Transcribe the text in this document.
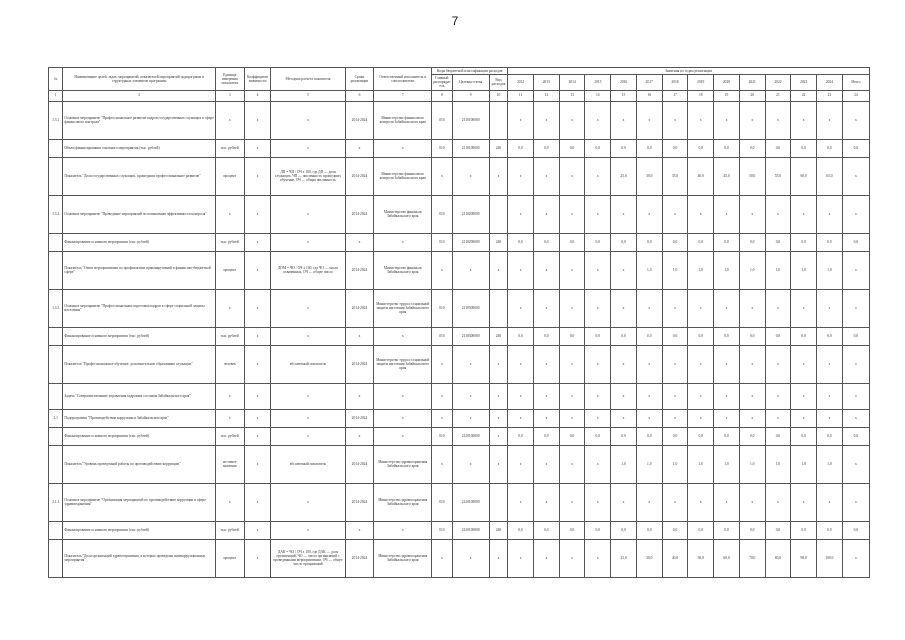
7
№	Наименование целей, задач, мероприятий, показателей мероприятий подпрограмм и структурных элементов программы	Единица измерения показателя	Коэффициент значимости	Методика расчета показателя	Сроки реализации	Ответственный исполнитель и соисполнители	Коды бюджетной классификации расходов			Значения по годам реализации													
							Главный распорядитель	Целевая статья	Вид расходов	2012	2013	2014	2015	2016	2017	2018	2019	2020	2021	2022	2023	2024	Итого
1	2	3	4	5	6	7	8	9	10	11	12	13	14	15	16	17	18	19	20	21	22	23	24
1.3.1	Основное мероприятие "Профессиональное развитие кадров государственных служащих в сфере финансового контроля"	x	x	x	2014-2024	Министерство финансового контроля Забайкальского края	010	2110100000		x	x	x	x	x	x	x	x	x	x	x	x	x	x
	Объем финансирования основного мероприятия (тыс. рублей)	тыс. рублей	x	x	x	x	010	2110100000	240	0,0	0,0	0,0	0,0	0,0	0,0	0,0	0,0	0,0	0,0	0,0	0,0	0,0	0,0
	Показатель "Доля государственных служащих, прошедших профессиональное развитие"	процент	x	ДП = ЧП / ОЧ x 100, где ДП — доля служащих, ЧП — численность прошедших обучение, ОЧ — общая численность	2014-2024	Министерство финансового контроля Забайкальского края	x	x	x	x	x	x	x	25,0	30,0	35,0	40,0	45,0	50,0	55,0	60,0	65,0	x
1.3.2	Основное мероприятие "Проведение мероприятий по повышению эффективности контроля"	x	x	x	2014-2024	Министерство финансов Забайкальского края	010	2110200000		x	x	x	x	x	x	x	x	x	x	x	x	x	x
	Финансирование основного мероприятия (тыс. рублей)	тыс. рублей	x	x	x	x	010	2110200000	240	0,0	0,0	0,0	0,0	0,0	0,0	0,0	0,0	0,0	0,0	0,0	0,0	0,0	0,0
	Показатель "Охват мероприятиями по профилактике правонарушений в финансово-бюджетной сфере"	процент	x	ДОМ = ЧО / ОЧ x 100, где ЧО — число охваченных, ОЧ — общее число	2014-2024	Министерство финансов Забайкальского края	x	x	x	x	x	x	x	x	1,0	1,0	1,0	1,0	1,0	1,0	1,0	1,0	x
1.3.3	Основное мероприятие "Профессиональная подготовка кадров в сфере социальной защиты населения"	x	x	x	2014-2024	Министерство труда и социальной защиты населения Забайкальского края	010	2110300000		x	x	x	x	x	x	x	x	x	x	x	x	x	x
	Финансирование основного мероприятия (тыс. рублей)	тыс. рублей	x	x	x	x	010	2110300000	240	0,0	0,0	0,0	0,0	0,0	0,0	0,0	0,0	0,0	0,0	0,0	0,0	0,0	0,0
	Показатель "Профессиональное обучение, дополнительное образование служащих"	человек	x	абсолютный показатель	2014-2024	Министерство труда и социальной защиты населения Забайкальского края	x	x	x	x	x	x	x	x	x	x	x	x	x	x	x	x	x
	Задача "Совершенствование управления кадровым составом Забайкальского края"	x	x	x	x	x	x	x	x	x	x	x	x	x	x	x	x	x	x	x	x	x	x
2.1	Подпрограмма "Противодействие коррупции в Забайкальском крае"	x	x	x	2014-2024	x	x	x	x	x	x	x	x	x	x	x	x	x	x	x	x	x	x
	Финансирование основного мероприятия (тыс. рублей)	тыс. рублей	x	x	x	x	010	2120100000	x	0,0	0,0	0,0	0,0	0,0	0,0	0,0	0,0	0,0	0,0	0,0	0,0	0,0	0,0
	Показатель "Уровень проведенной работы по противодействию коррупции"	не менее значения	x	абсолютный показатель	2014-2024	Министерство здравоохранения Забайкальского края	x	x	x	x	x	x	x	1,0	1,0	1,0	1,0	1,0	1,0	1,0	1,0	1,0	x
2.1.1	Основное мероприятие "Организация мероприятий по противодействию коррупции в сфере здравоохранения"	x	x	x	2014-2024	Министерство здравоохранения Забайкальского края	010	2120100000		x	x	x	x	x	x	x	x	x	x	x	x	x	x
	Финансирование основного мероприятия (тыс. рублей)	тыс. рублей	x	x	x	x	010	2120100000	240	0,0	0,0	0,0	0,0	0,0	0,0	0,0	0,0	0,0	0,0	0,0	0,0	0,0	0,0
	Показатель "Доля организаций здравоохранения, в которых проведены антикоррупционные мероприятия"	процент	x	ДАК = ЧО / ОЧ x 100, где ДАК — доля организаций, ЧО — число организаций с проведенными мероприятиями, ОЧ — общее число организаций	2014-2024	Министерство здравоохранения Забайкальского края	x	x	x	x	x	x	x	25,0	30,0	40,0	50,0	60,0	70,0	80,0	90,0	100,0	x
